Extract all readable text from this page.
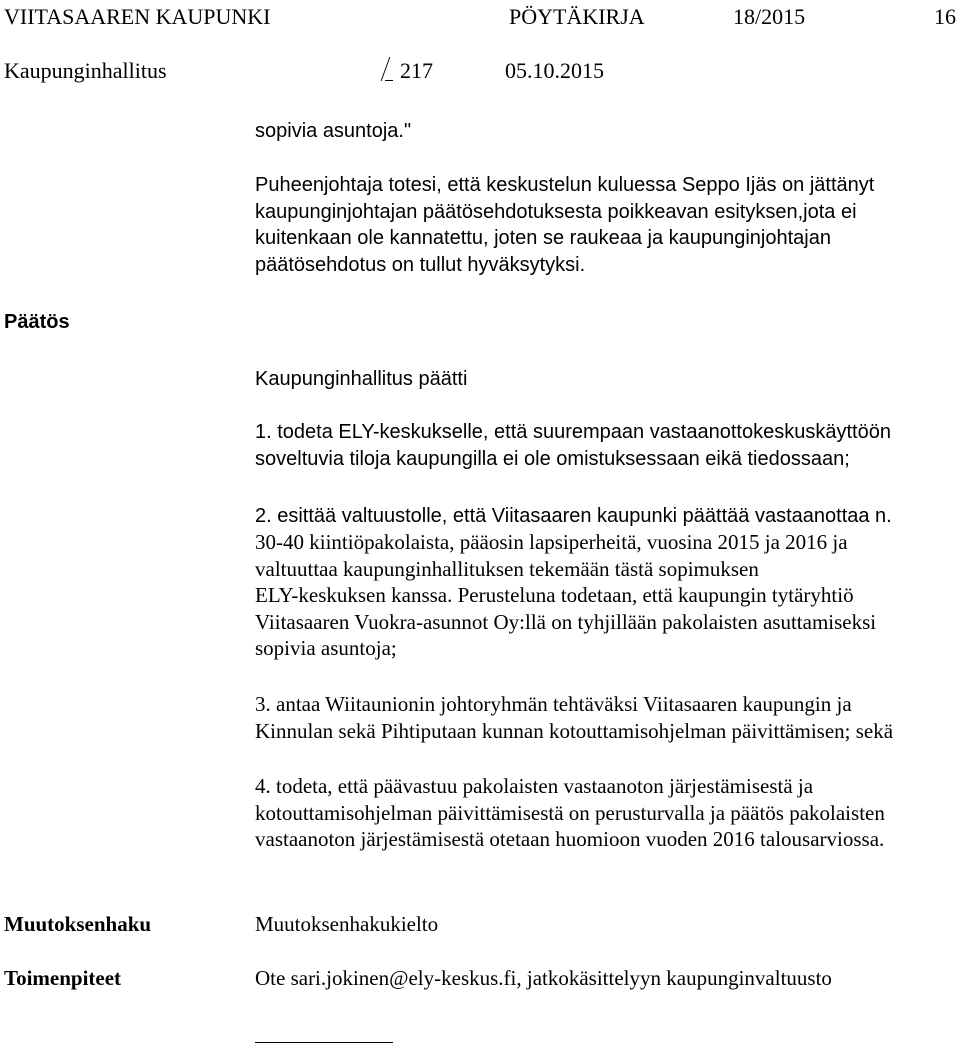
VIITASAAREN KAUPUNKI	PÖYTÄKIRJA	18/2015	16
Kaupunginhallitus	217	05.10.2015
sopivia asuntoja."
Puheenjohtaja totesi, että keskustelun kuluessa Seppo Ijäs on jättänyt
kaupunginjohtajan päätösehdotuksesta poikkeavan esityksen,jota ei
kuitenkaan ole kannatettu, joten se raukeaa ja kaupunginjohtajan
päätösehdotus on tullut hyväksytyksi.
Päätös
Kaupunginhallitus päätti
1. todeta ELY-keskukselle, että suurempaan vastaanottokeskuskäyttöön
soveltuvia tiloja kaupungilla ei ole omistuksessaan eikä tiedossaan;
2. esittää valtuustolle, että Viitasaaren kaupunki päättää vastaanottaa n.
30-40 kiintiöpakolaista, pääosin lapsiperheitä, vuosina 2015 ja 2016 ja
valtuuttaa kaupunginhallituksen tekemään tästä sopimuksen
ELY-keskuksen kanssa. Perusteluna todetaan, että kaupungin tytäryhtiö
Viitasaaren Vuokra-asunnot Oy:llä on tyhjillään pakolaisten asuttamiseksi
sopivia asuntoja;
3. antaa Wiitaunionin johtoryhmän tehtäväksi Viitasaaren kaupungin ja
Kinnulan sekä Pihtiputaan kunnan kotouttamisohjelman päivittämisen; sekä
4. todeta, että päävastuu pakolaisten vastaanoton järjestämisestä ja
kotouttamisohjelman päivittämisestä on perusturvalla ja päätös pakolaisten
vastaanoton järjestämisestä otetaan huomioon vuoden 2016 talousarviossa.
Muutoksenhaku	Muutoksenhakukielto
Toimenpiteet	Ote sari.jokinen@ely-keskus.fi, jatkokäsittelyyn kaupunginvaltuusto
